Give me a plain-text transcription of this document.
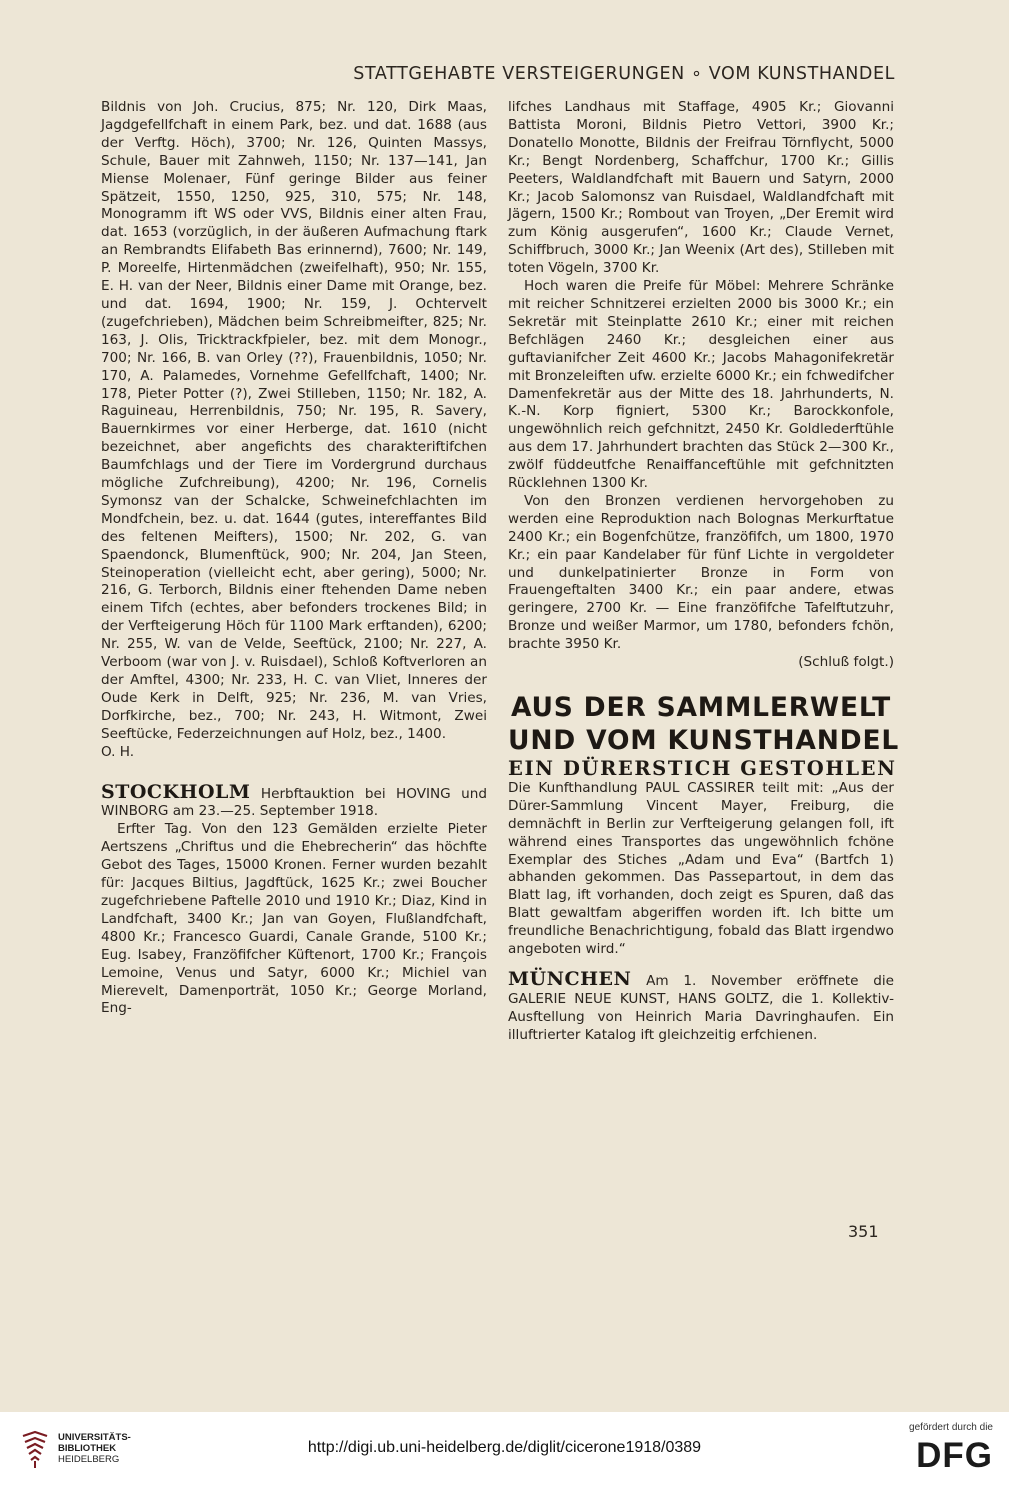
STATTGEHABTE VERSTEIGERUNGEN ∘ VOM KUNSTHANDEL

Bildnis von Joh. Crucius, 875; Nr. 120, Dirk Maas, Jagdgefellfchaft in einem Park, bez. und dat. 1688 (aus der Verftg. Höch), 3700; Nr. 126, Quinten Massys, Schule, Bauer mit Zahnweh, 1150; Nr. 137—141, Jan Miense Molenaer, Fünf geringe Bilder aus feiner Spätzeit, 1550, 1250, 925, 310, 575; Nr. 148, Monogramm ift WS oder VVS, Bildnis einer alten Frau, dat. 1653 (vorzüglich, in der äußeren Aufmachung ftark an Rembrandts Elifabeth Bas erinnernd), 7600; Nr. 149, P. Moreelfe, Hirtenmädchen (zweifelhaft), 950; Nr. 155, E. H. van der Neer, Bildnis einer Dame mit Orange, bez. und dat. 1694, 1900; Nr. 159, J. Ochtervelt (zugefchrieben), Mädchen beim Schreibmeifter, 825; Nr. 163, J. Olis, Tricktrackfpieler, bez. mit dem Monogr., 700; Nr. 166, B. van Orley (??), Frauenbildnis, 1050; Nr. 170, A. Palamedes, Vornehme Gefellfchaft, 1400; Nr. 178, Pieter Potter (?), Zwei Stilleben, 1150; Nr. 182, A. Raguineau, Herrenbildnis, 750; Nr. 195, R. Savery, Bauernkirmes vor einer Herberge, dat. 1610 (nicht bezeichnet, aber angefichts des charakteriftifchen Baumfchlags und der Tiere im Vordergrund durchaus mögliche Zufchreibung), 4200; Nr. 196, Cornelis Symonsz van der Schalcke, Schweinefchlachten im Mondfchein, bez. u. dat. 1644 (gutes, intereffantes Bild des feltenen Meifters), 1500; Nr. 202, G. van Spaendonck, Blumenftück, 900; Nr. 204, Jan Steen, Steinoperation (vielleicht echt, aber gering), 5000; Nr. 216, G. Terborch, Bildnis einer ftehenden Dame neben einem Tifch (echtes, aber befonders trockenes Bild; in der Verfteigerung Höch für 1100 Mark erftanden), 6200; Nr. 255, W. van de Velde, Seeftück, 2100; Nr. 227, A. Verboom (war von J. v. Ruisdael), Schloß Koftverloren an der Amftel, 4300; Nr. 233, H. C. van Vliet, Inneres der Oude Kerk in Delft, 925; Nr. 236, M. van Vries, Dorfkirche, bez., 700; Nr. 243, H. Witmont, Zwei Seeftücke, Federzeichnungen auf Holz, bez., 1400.

O. H.

STOCKHOLM Herbftauktion bei HOVING und WINBORG am 23.—25. September 1918.

Erfter Tag. Von den 123 Gemälden erzielte Pieter Aertszens „Chriftus und die Ehebrecherin“ das höchfte Gebot des Tages, 15000 Kronen. Ferner wurden bezahlt für: Jacques Biltius, Jagdftück, 1625 Kr.; zwei Boucher zugefchriebene Paftelle 2010 und 1910 Kr.; Diaz, Kind in Landfchaft, 3400 Kr.; Jan van Goyen, Flußlandfchaft, 4800 Kr.; Francesco Guardi, Canale Grande, 5100 Kr.; Eug. Isabey, Franzöfifcher Küftenort, 1700 Kr.; François Lemoine, Venus und Satyr, 6000 Kr.; Michiel van Mierevelt, Damenporträt, 1050 Kr.; George Morland, Eng-

lifches Landhaus mit Staffage, 4905 Kr.; Giovanni Battista Moroni, Bildnis Pietro Vettori, 3900 Kr.; Donatello Monotte, Bildnis der Freifrau Törnflycht, 5000 Kr.; Bengt Nordenberg, Schaffchur, 1700 Kr.; Gillis Peeters, Waldlandfchaft mit Bauern und Satyrn, 2000 Kr.; Jacob Salomonsz van Ruisdael, Waldlandfchaft mit Jägern, 1500 Kr.; Rombout van Troyen, „Der Eremit wird zum König ausgerufen“, 1600 Kr.; Claude Vernet, Schiffbruch, 3000 Kr.; Jan Weenix (Art des), Stilleben mit toten Vögeln, 3700 Kr.

Hoch waren die Preife für Möbel: Mehrere Schränke mit reicher Schnitzerei erzielten 2000 bis 3000 Kr.; ein Sekretär mit Steinplatte 2610 Kr.; einer mit reichen Befchlägen 2460 Kr.; desgleichen einer aus guftavianifcher Zeit 4600 Kr.; Jacobs Mahagonifekretär mit Bronzeleiften ufw. erzielte 6000 Kr.; ein fchwedifcher Damenfekretär aus der Mitte des 18. Jahrhunderts, N. K.-N. Korp figniert, 5300 Kr.; Barockkonfole, ungewöhnlich reich gefchnitzt, 2450 Kr. Goldlederftühle aus dem 17. Jahrhundert brachten das Stück 2—300 Kr., zwölf füddeutfche Renaiffanceftühle mit gefchnitzten Rücklehnen 1300 Kr.

Von den Bronzen verdienen hervorgehoben zu werden eine Reproduktion nach Bolognas Merkurftatue 2400 Kr.; ein Bogenfchütze, franzöfifch, um 1800, 1970 Kr.; ein paar Kandelaber für fünf Lichte in vergoldeter und dunkelpatinierter Bronze in Form von Frauengeftalten 3400 Kr.; ein paar andere, etwas geringere, 2700 Kr. — Eine franzöfifche Tafelftutzuhr, Bronze und weißer Marmor, um 1780, befonders fchön, brachte 3950 Kr.

(Schluß folgt.)

AUS DER SAMMLERWELT
UND VOM KUNSTHANDEL
EIN DÜRERSTICH GESTOHLEN

Die Kunfthandlung PAUL CASSIRER teilt mit: „Aus der Dürer-Sammlung Vincent Mayer, Freiburg, die demnächft in Berlin zur Verfteigerung gelangen foll, ift während eines Transportes das ungewöhnlich fchöne Exemplar des Stiches „Adam und Eva“ (Bartfch 1) abhanden gekommen. Das Passepartout, in dem das Blatt lag, ift vorhanden, doch zeigt es Spuren, daß das Blatt gewaltfam abgeriffen worden ift. Ich bitte um freundliche Benachrichtigung, fobald das Blatt irgendwo angeboten wird.“

MÜNCHEN Am 1. November eröffnete die GALERIE NEUE KUNST, HANS GOLTZ, die 1. Kollektiv-Ausftellung von Heinrich Maria Davringhaufen. Ein illuftrierter Katalog ift gleichzeitig erfchienen.

351
UNIVERSITÄTS-
BIBLIOTHEK
HEIDELBERG
http://digi.ub.uni-heidelberg.de/diglit/cicerone1918/0389
gefördert durch die
DFG
